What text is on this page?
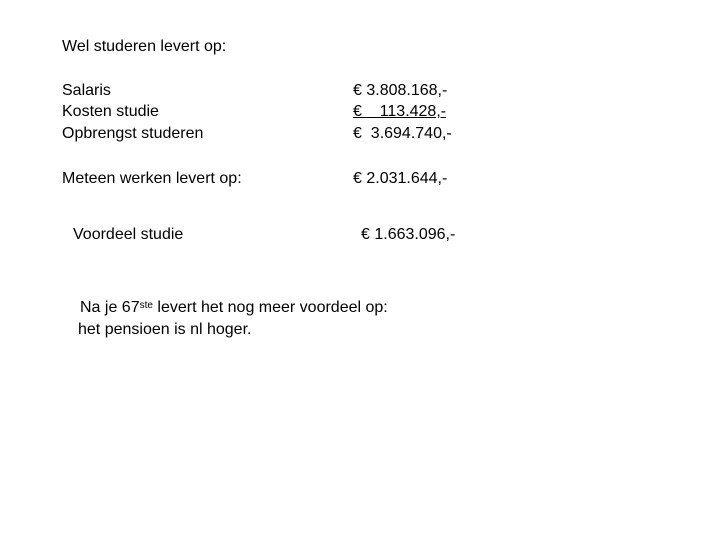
Wel studeren levert op:
Salaris	€ 3.808.168,-
Kosten studie	€    113.428,-
Opbrengst studeren	€  3.694.740,-
Meteen werken levert op:	€ 2.031.644,-
Voordeel studie	€ 1.663.096,-
Na je 67ste levert het nog meer voordeel op:
het pensioen is nl hoger.
